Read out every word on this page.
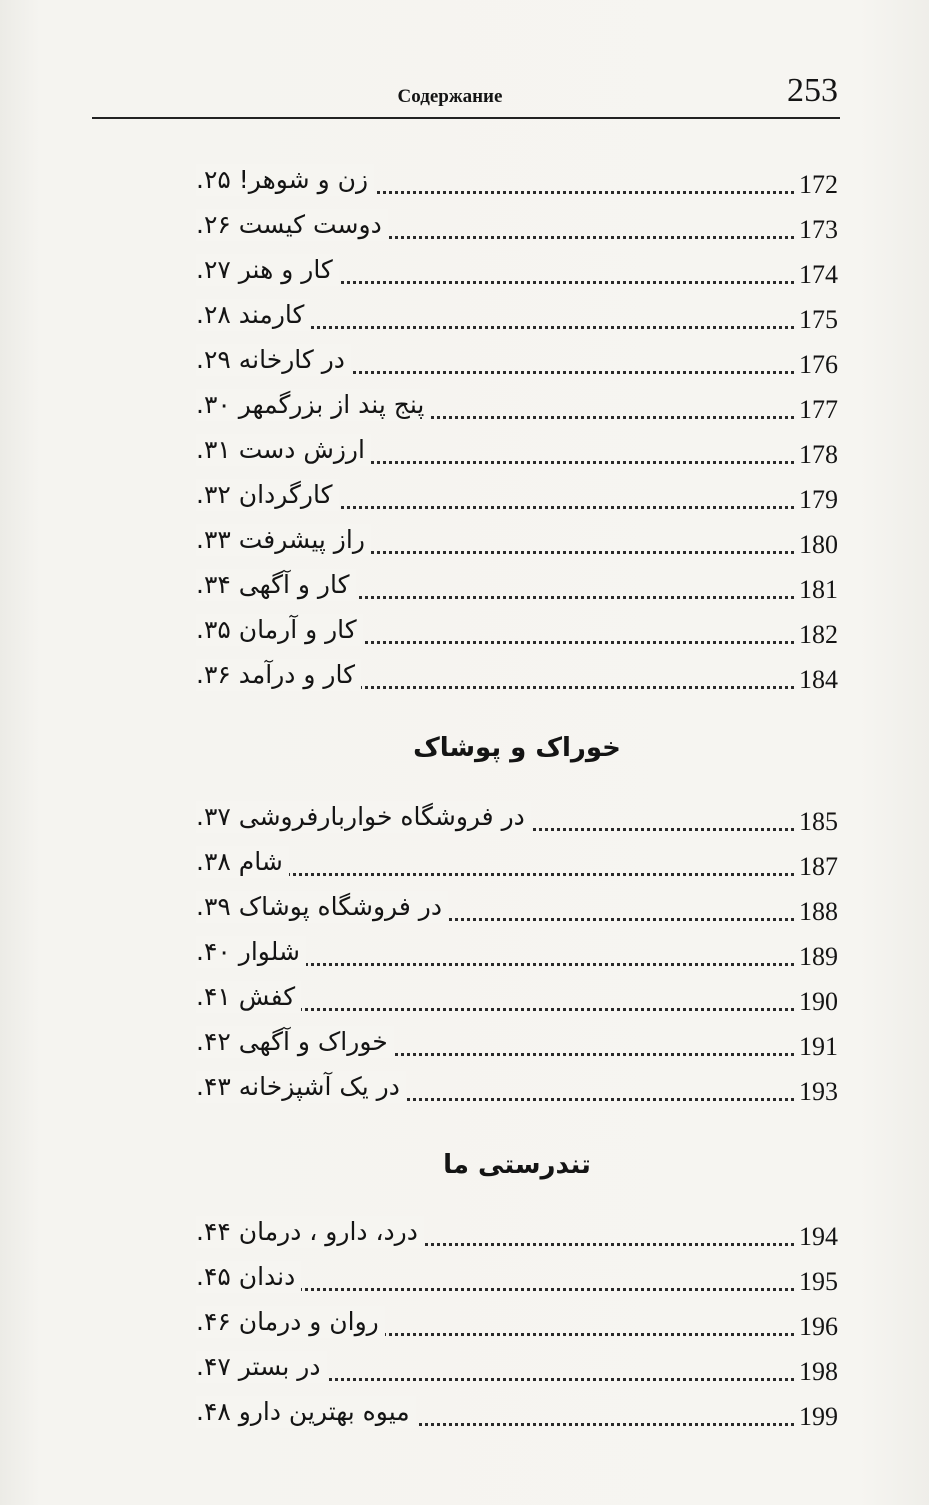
Содержание	253
زن و شوهر! ۲۵.	172
دوست کیست ۲۶.	173
کار و هنر ۲۷.	174
کارمند ۲۸.	175
در کارخانه ۲۹.	176
پنج پند از بزرگمهر ۳۰.	177
ارزش دست ۳۱.	178
کارگردان ۳۲.	179
راز پیشرفت ۳۳.	180
کار و آگهی ۳۴.	181
کار و آرمان ۳۵.	182
کار و درآمد ۳۶.	184
خوراک و پوشاک
در فروشگاه خواربارفروشی ۳۷.	185
شام ۳۸.	187
در فروشگاه پوشاک ۳۹.	188
شلوار ۴۰.	189
کفش ۴۱.	190
خوراک و آگهی ۴۲.	191
در یک آشپزخانه ۴۳.	193
تندرستی ما
درد، دارو ، درمان ۴۴.	194
دندان ۴۵.	195
روان و درمان ۴۶.	196
در بستر ۴۷.	198
میوه بهترین دارو ۴۸.	199
